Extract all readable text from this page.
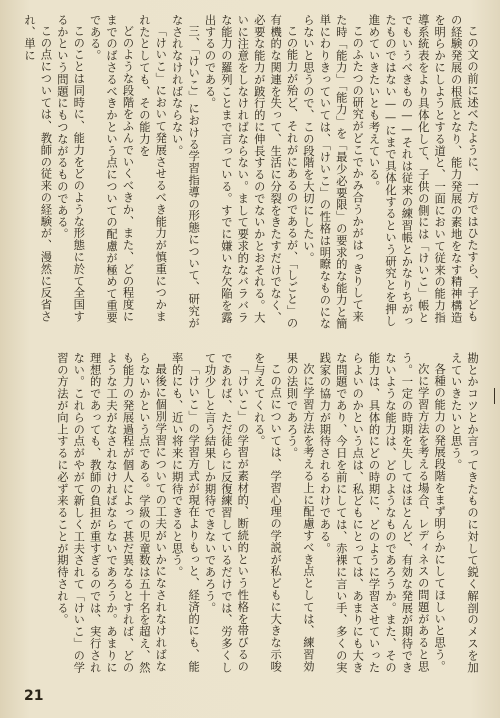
この文の前に述べたように、一方ではひたすら、子どもの経験発展の根底となり、能力発展の素地をなす精神構造を明らかにしようとする道と、一面において従来の能力指導系統表をより具体化して、子供の側には「けいこ」帳とでもいうべきもの——それは従来の練習帳とかなりちがったものではない——にまで具体化するという研究とを押し進めていきたいとも考えている。

このふたつの研究がどこでかみ合うかがはっきりして来た時「能力」「能力」を「最少必要限」の要求的な能力と簡単にわりきっていては、「けいこ」の性格は明瞭なものにならないと思うので、この段階を大切にしたい。

この能力が殆ど、それがにあるのであるが、「しごと」の有機的な関連を失って、生活に分裂をきたすだけでなく、必要な能力が跛行的に伸長するのでないかとおそれる。大いに注意をしなければならない。まして要求的なバラバラな能力の羅列ことまで言っている。すでに嫌いな欠陥を露出するのである。

三、「けいこ」における学習指導の形態について、研究がなされなければならない。

「けいこ」において発展させるべき能力が慎重につかまれたとしても、その能力を

どのような段階をふんでいくべきか、また、どの程度にまでのばさるべきかという点についての配慮が極めて重要である。

このことは同時に、能力をどのような形態に於て全国するかという問題にもつながるものである。

この点については、教師の従来の経験が、漫然に反省され、単に

勘とかコツとか言ってきたものに対して鋭く解剖のメスを加えていきたいと思う。

各種の能力の発展段階をまず明らかにしてほしいと思う。

次に学習方法を考える場合、レディネスの問題があると思う。一定の時期を失してはほとんど、有効な発展が期待できないような能力は、どのようなものであろうか。また、その能力は、具体的にどの時期に、どのように学習させていったらよいのかという点は、私どもにとっては、あまりにも大きな問題であり、今日を前にしては、赤裸に言い手、多くの実践家の協力が期待されるわけである。

次に学習方法を考える上に配慮すべき点としては、練習効果の法則であろう。

この点については、学習心理の学説が私どもに大きな示唆を与えてくれる。

「けいこ」の学習が素材的、断続的という性格を帯びるのであれば、ただ徒らに反復練習しているだけでは、労多くして功少しと言う結果しか期待できないであろう。

「けいこ」の学習方式が現在よりもっと、経済的にも、能率的にも、近い将来に期待できると思う。

最後に個別学習についての工夫がいかになされなければならないかという点である。学級の児童数は五十名を超え、然も能力の発展過程が個人によって甚だ異なるとすれば、どのような工夫がなされなければならないであろうか。あまりに理想的であっても、教師の負担が重すぎるのでは、実行されない。これらの点がやがて新しく工夫されて「けいこ」の学習の方法が向上するに必ず来ることが期待される。

21
